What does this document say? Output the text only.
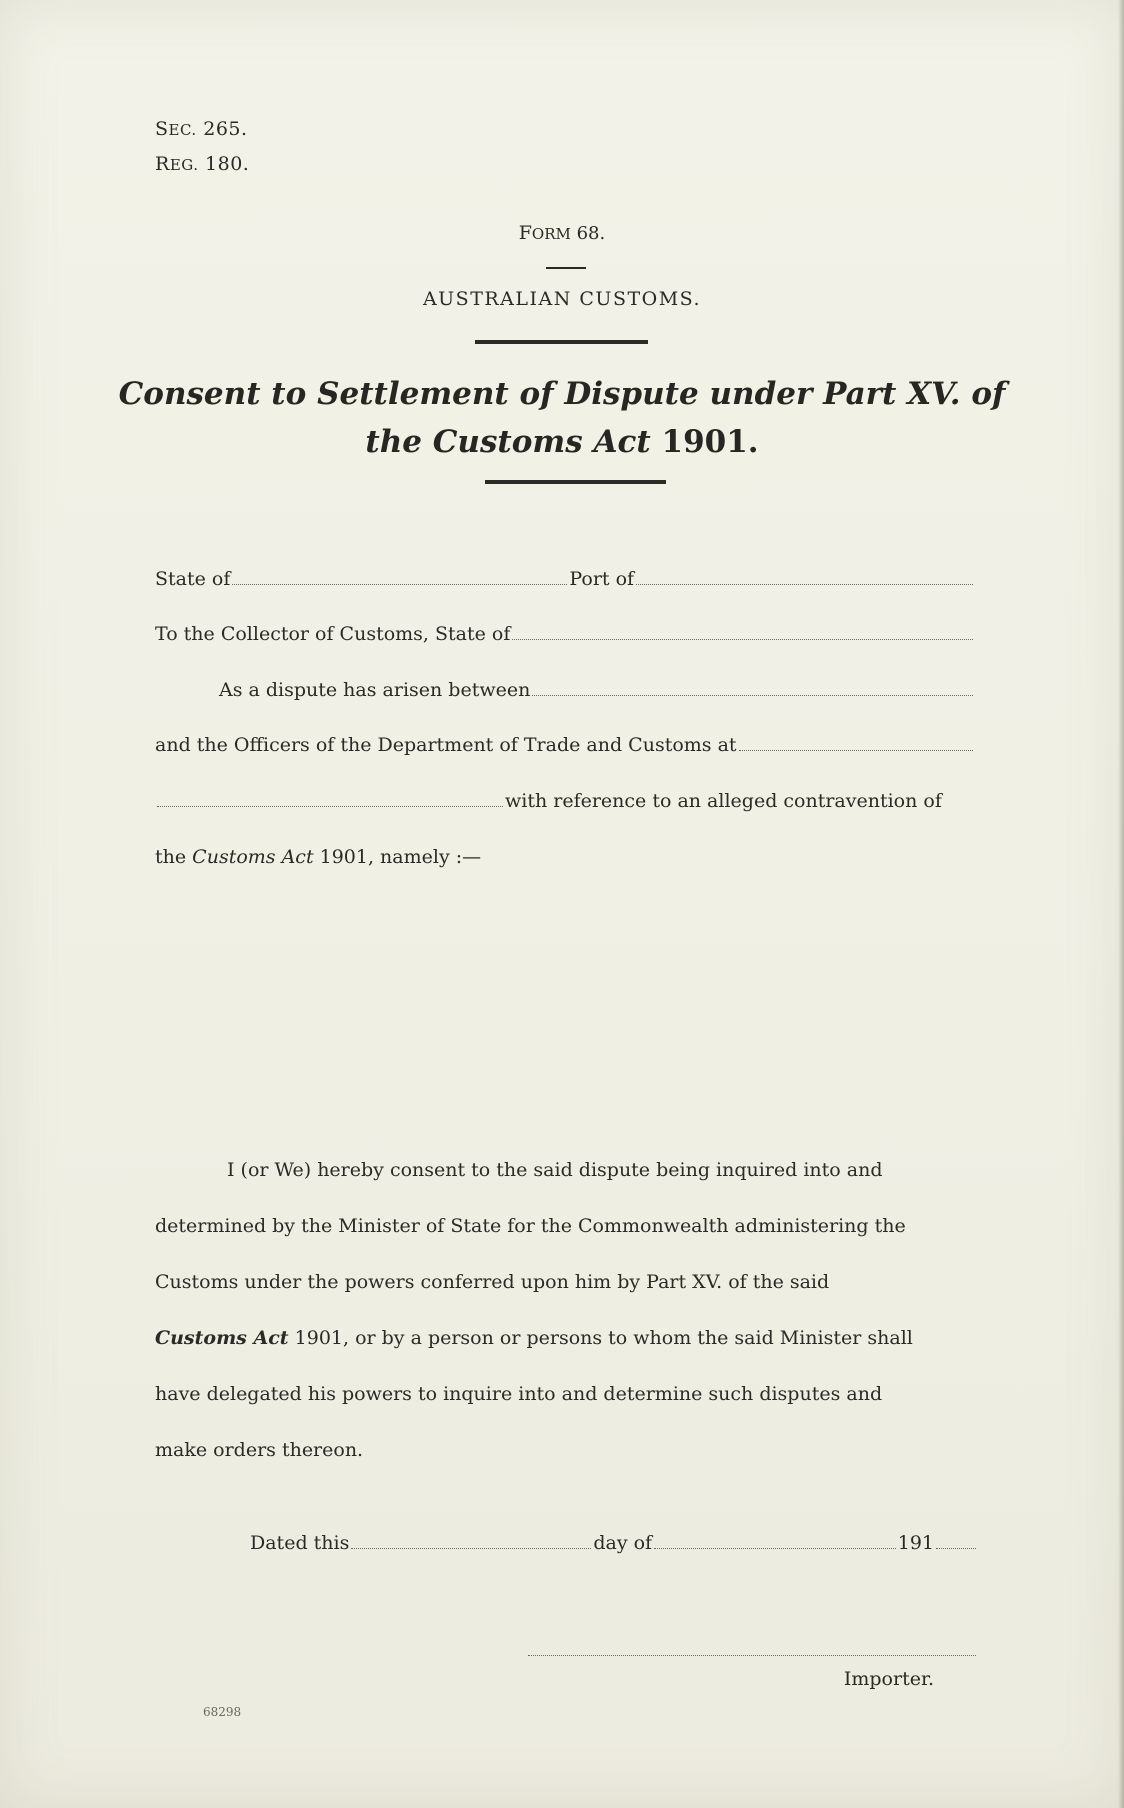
SEC. 265.
REG. 180.
FORM 68.
AUSTRALIAN CUSTOMS.
Consent to Settlement of Dispute under Part XV. of
the Customs Act 1901.
State of	Port of
To the Collector of Customs, State of
As a dispute has arisen between
and the Officers of the Department of Trade and Customs at
with reference to an alleged contravention of
the Customs Act 1901, namely :—
I (or We) hereby consent to the said dispute being inquired into and
determined by the Minister of State for the Commonwealth administering the
Customs under the powers conferred upon him by Part XV. of the said
Customs Act 1901, or by a person or persons to whom the said Minister shall
have delegated his powers to inquire into and determine such disputes and
make orders thereon.
Dated this	day of	191
Importer.
68298
